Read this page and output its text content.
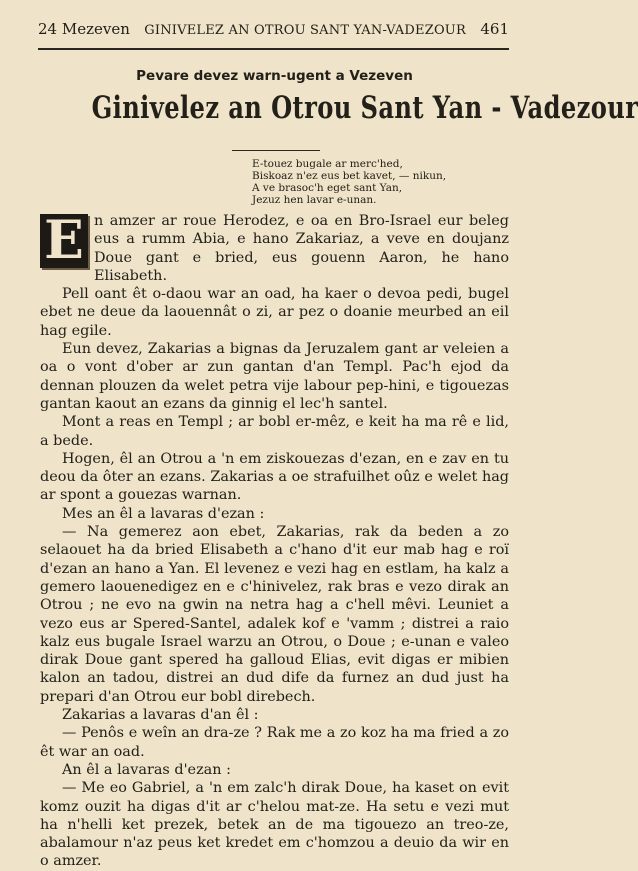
24 Mezeven GINIVELEZ AN OTROU SANT YAN-VADEZOUR 461
Pevare devez warn-ugent a Vezeven
Ginivelez an Otrou Sant Yan - Vadezour
E-touez bugale ar merc'hed,
Biskoaz n'ez eus bet kavet, — nikun,
A ve brasoc'h eget sant Yan,
Jezuz hen lavar e-unan.
E n amzer ar roue Herodez, e oa en Bro-Israel eur beleg eus a rumm Abia, e hano Zakariaz, a veve en doujanz Doue gant e bried, eus gouenn Aaron, he hano Elisabeth.

Pell oant êt o-daou war an oad, ha kaer o devoa pedi, bugel ebet ne deue da laouennât o zi, ar pez o doanie meurbed an eil hag egile.

Eun devez, Zakarias a bignas da Jeruzalem gant ar veleien a oa o vont d'ober ar zun gantan d'an Templ. Pac'h ejod da dennan plouzen da welet petra vije labour pep-hini, e tigouezas gantan kaout an ezans da ginnig el lec'h santel.

Mont a reas en Templ ; ar bobl er-mêz, e keit ha ma rê e lid, a bede.

Hogen, êl an Otrou a 'n em ziskouezas d'ezan, en e zav en tu deou da ôter an ezans. Zakarias a oe strafuilhet oûz e welet hag ar spont a gouezas warnan.

Mes an êl a lavaras d'ezan :

— Na gemerez aon ebet, Zakarias, rak da beden a zo selaouet ha da bried Elisabeth a c'hano d'it eur mab hag e roï d'ezan an hano a Yan. El levenez e vezi hag en estlam, ha kalz a gemero laouenedigez en e c'hinivelez, rak bras e vezo dirak an Otrou ; ne evo na gwin na netra hag a c'hell mêvi. Leuniet a vezo eus ar Spered-Santel, adalek kof e 'vamm ; distrei a raio kalz eus bugale Israel warzu an Otrou, o Doue ; e-unan e valeo dirak Doue gant spered ha galloud Elias, evit digas er mibien kalon an tadou, distrei an dud dife da furnez an dud just ha prepari d'an Otrou eur bobl direbech.

Zakarias a lavaras d'an êl :

— Penôs e weîn an dra-ze ? Rak me a zo koz ha ma fried a zo êt war an oad.

An êl a lavaras d'ezan :

— Me eo Gabriel, a 'n em zalc'h dirak Doue, ha kaset on evit komz ouzit ha digas d'it ar c'helou mat-ze. Ha setu e vezi mut ha n'helli ket prezek, betek an de ma tigouezo an treo-ze, abalamour n'az peus ket kredet em c'homzou a deuio da wir en o amzer.
